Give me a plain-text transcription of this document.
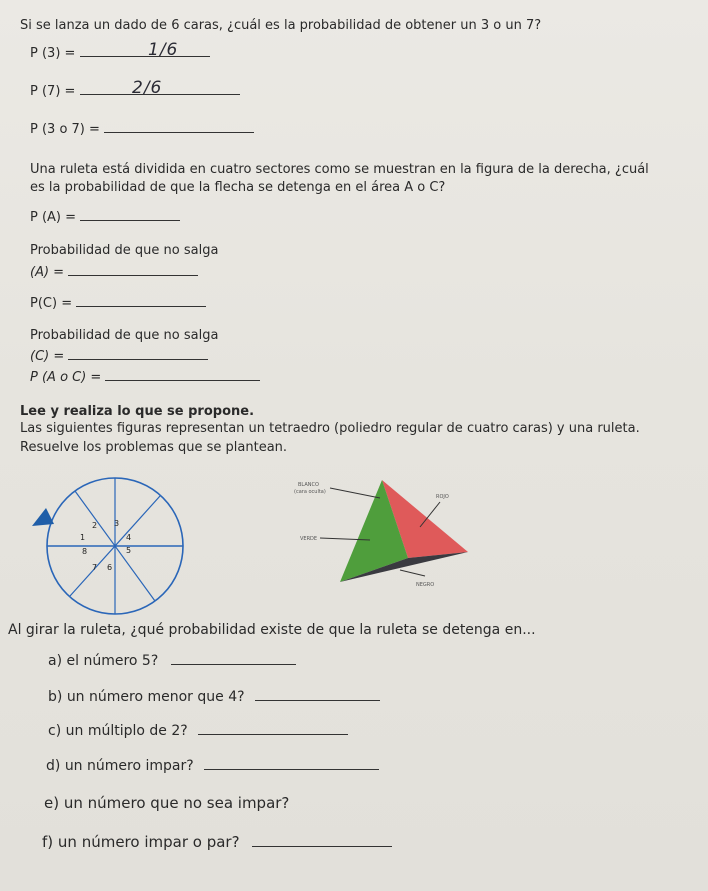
Si se lanza un dado de 6 caras, ¿cuál es la probabilidad de obtener un 3 o un 7?
P (3) =	1/6
P (7) =	2/6
P (3 o 7) =
Una ruleta está dividida en cuatro sectores como se muestran en la figura de la derecha, ¿cuál
es la probabilidad de que la flecha se detenga en el área A o C?
P (A) =
Probabilidad de que no salga
(A) =
P(C) =
Probabilidad de que no salga
(C) =
P (A o C) =
Lee y realiza lo que se propone.
Las siguientes figuras representan un tetraedro (poliedro regular de cuatro caras) y una ruleta.
Resuelve los problemas que se plantean.
2 3
1	4
8	5
7 6
BLANCO
(cara oculta)
ROJO
VERDE
NEGRO
Al girar la ruleta, ¿qué probabilidad existe de que la ruleta se detenga en...
a) el número 5?
b) un número menor que 4?
c) un múltiplo de 2?
d) un número impar?
e) un número que no sea impar?
f) un número impar o par?
